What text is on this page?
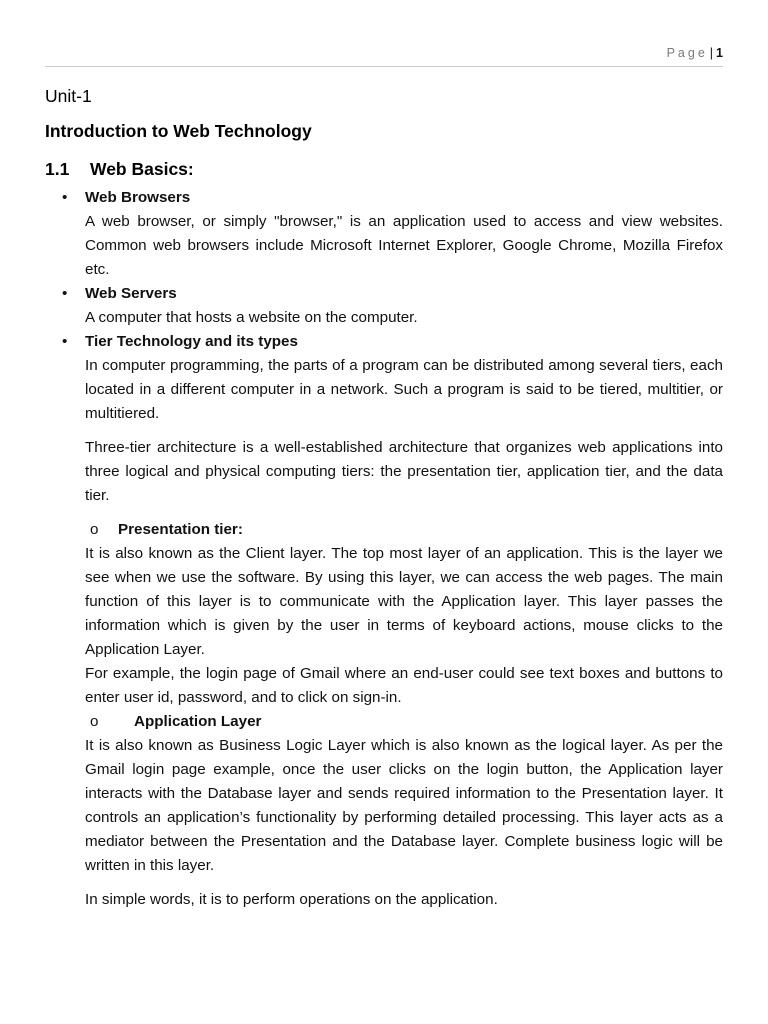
Page | 1
Unit-1
Introduction to Web Technology
1.1 Web Basics:
• Web Browsers
A web browser, or simply "browser," is an application used to access and view websites. Common web browsers include Microsoft Internet Explorer, Google Chrome, Mozilla Firefox etc.
• Web Servers
A computer that hosts a website on the computer.
• Tier Technology and its types
In computer programming, the parts of a program can be distributed among several tiers, each located in a different computer in a network. Such a program is said to be tiered, multitier, or multitiered.
Three-tier architecture is a well-established architecture that organizes web applications into three logical and physical computing tiers: the presentation tier, application tier, and the data tier.
o Presentation tier:
It is also known as the Client layer. The top most layer of an application. This is the layer we see when we use the software. By using this layer, we can access the web pages. The main function of this layer is to communicate with the Application layer. This layer passes the information which is given by the user in terms of keyboard actions, mouse clicks to the Application Layer.
For example, the login page of Gmail where an end-user could see text boxes and buttons to enter user id, password, and to click on sign-in.
o Application Layer
It is also known as Business Logic Layer which is also known as the logical layer. As per the Gmail login page example, once the user clicks on the login button, the Application layer interacts with the Database layer and sends required information to the Presentation layer. It controls an application’s functionality by performing detailed processing. This layer acts as a mediator between the Presentation and the Database layer. Complete business logic will be written in this layer.
In simple words, it is to perform operations on the application.
